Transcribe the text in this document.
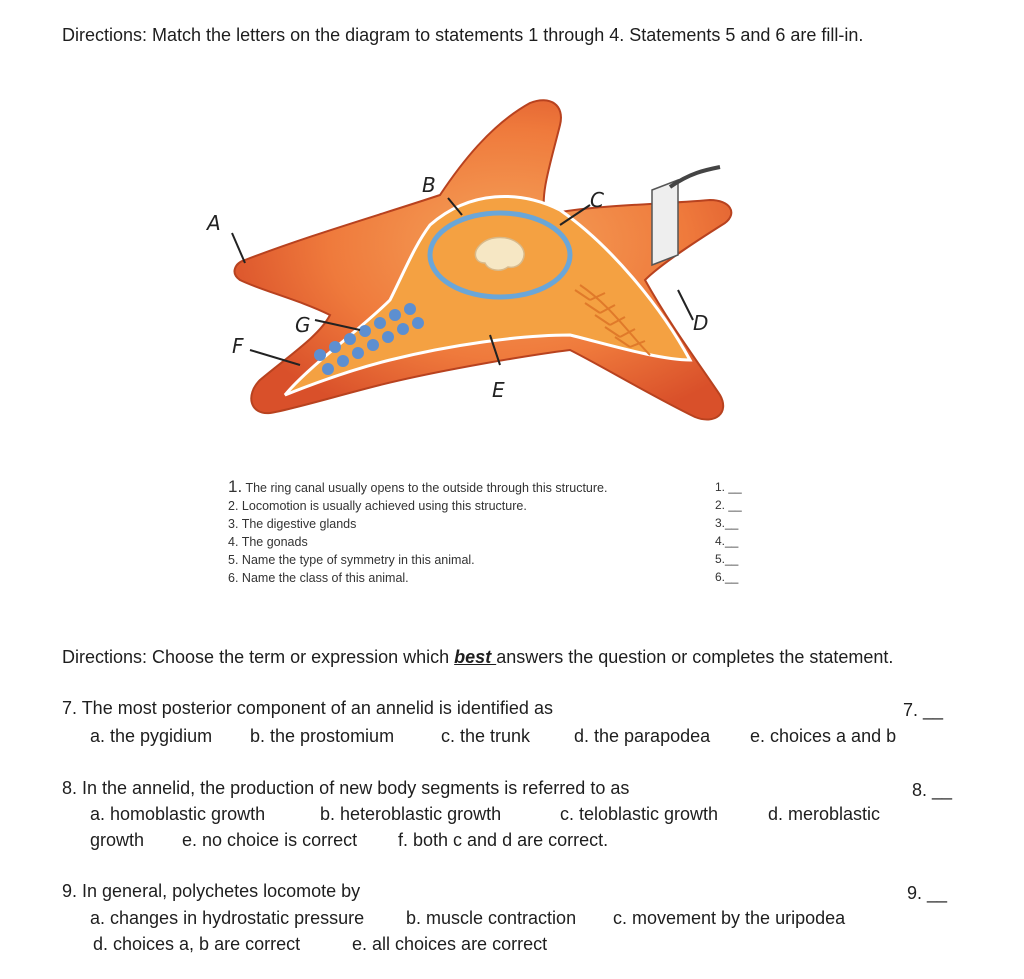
Directions: Match the letters on the diagram to statements 1 through 4. Statements 5 and 6 are fill-in.
A
B
C
D
E
F
G
1. The ring canal usually opens to the outside through this structure.
2. Locomotion is usually achieved using this structure.
3. The digestive glands
4. The gonads
5. Name the type of symmetry in this animal.
6. Name the class of this animal.
1. __
2. __
3.__
4.__
5.__
6.__
Directions: Choose the term or expression which best answers the question or completes the statement.
7. The most posterior component of an annelid is identified as	7. __
a. the pygidium b. the prostomium	c. the trunk d. the parapodea e. choices a and b
8. In the annelid, the production of new body segments is referred to as	8. __
a. homoblastic growth	b. heteroblastic growth	c. teloblastic growth	d. meroblastic
growth e. no choice is correct f. both c and d are correct.
9. In general, polychetes locomote by	9. __
a. changes in hydrostatic pressure b. muscle contraction c. movement by the uripodea
d. choices a, b are correct	e. all choices are correct
